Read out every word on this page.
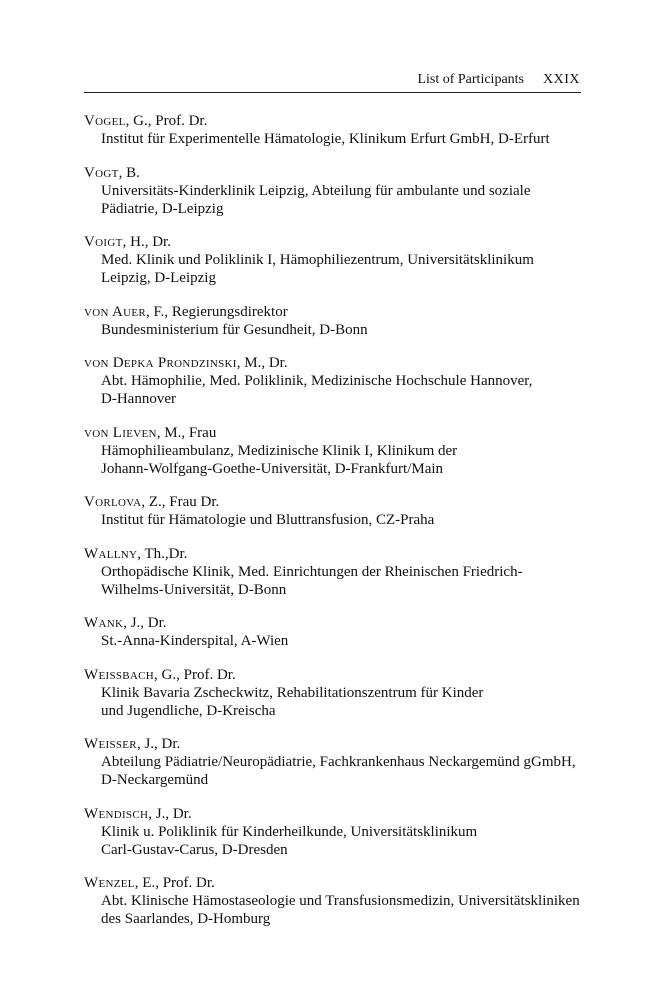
List of Participants XXIX
Vogel, G., Prof. Dr.
Institut für Experimentelle Hämatologie, Klinikum Erfurt GmbH, D-Erfurt
Vogt, B.
Universitäts-Kinderklinik Leipzig, Abteilung für ambulante und soziale
Pädiatrie, D-Leipzig
Voigt, H., Dr.
Med. Klinik und Poliklinik I, Hämophiliezentrum, Universitätsklinikum
Leipzig, D-Leipzig
von Auer, F., Regierungsdirektor
Bundesministerium für Gesundheit, D-Bonn
von Depka Prondzinski, M., Dr.
Abt. Hämophilie, Med. Poliklinik, Medizinische Hochschule Hannover,
D-Hannover
von Lieven, M., Frau
Hämophilieambulanz, Medizinische Klinik I, Klinikum der
Johann-Wolfgang-Goethe-Universität, D-Frankfurt/Main
Vorlova, Z., Frau Dr.
Institut für Hämatologie und Bluttransfusion, CZ-Praha
Wallny, Th.,Dr.
Orthopädische Klinik, Med. Einrichtungen der Rheinischen Friedrich-
Wilhelms-Universität, D-Bonn
Wank, J., Dr.
St.-Anna-Kinderspital, A-Wien
Weissbach, G., Prof. Dr.
Klinik Bavaria Zscheckwitz, Rehabilitationszentrum für Kinder
und Jugendliche, D-Kreischa
Weisser, J., Dr.
Abteilung Pädiatrie/Neuropädiatrie, Fachkrankenhaus Neckargemünd gGmbH,
D-Neckargemünd
Wendisch, J., Dr.
Klinik u. Poliklinik für Kinderheilkunde, Universitätsklinikum
Carl-Gustav-Carus, D-Dresden
Wenzel, E., Prof. Dr.
Abt. Klinische Hämostaseologie und Transfusionsmedizin, Universitätskliniken
des Saarlandes, D-Homburg
